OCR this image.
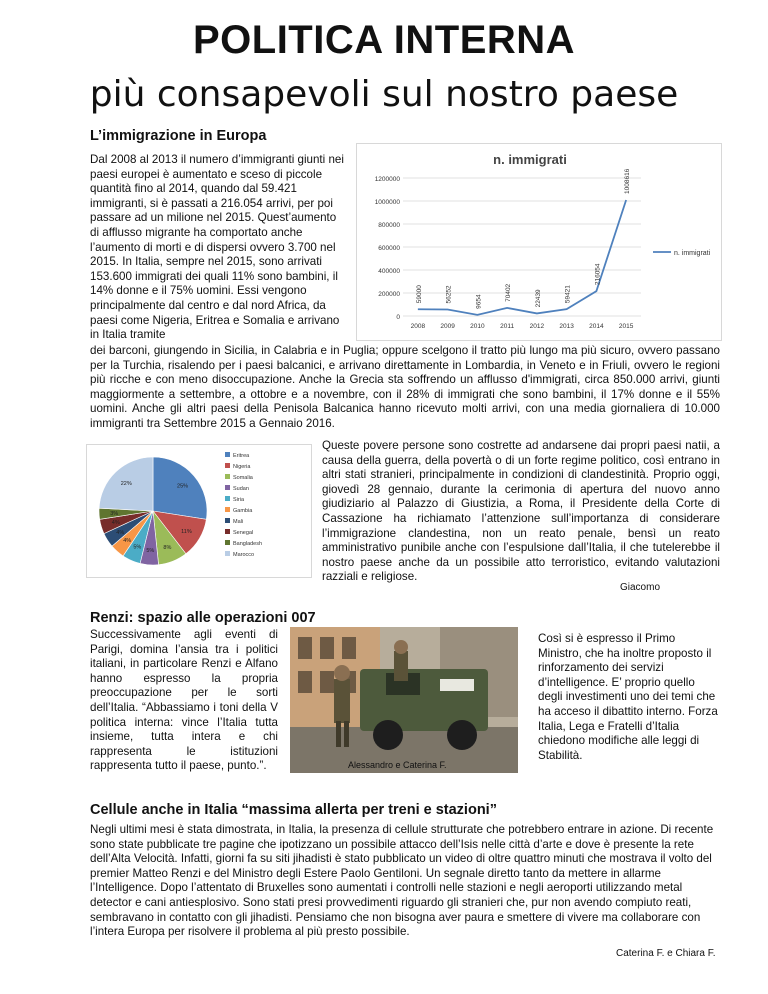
POLITICA INTERNA
più consapevoli sul nostro paese
L’immigrazione in Europa
Dal 2008 al 2013 il numero d’immigranti giunti nei paesi europei è aumentato e sceso di piccole quantità fino al 2014, quando dal 59.421 immigranti, si è passati a 216.054 arrivi, per poi passare ad un milione nel 2015. Quest’aumento di afflusso migrante ha comportato anche l’aumento di morti e di dispersi ovvero 3.700 nel 2015. In Italia, sempre nel 2015, sono arrivati 153.600 immigrati dei quali 11% sono bambini, il 14% donne e il 75% uomini. Essi vengono principalmente dal centro e dal nord Africa, da paesi come Nigeria, Eritrea e Somalia e arrivano in Italia tramite
n. immigrati
0
200000
400000
600000
800000
1000000
1200000
2008 2009 2010 2011 2012 2013 2014 2015
59000	56252	9654	70402	22439	59421
216054
1008616
n. immigrati
dei barconi, giungendo in Sicilia, in Calabria e in Puglia; oppure scelgono il tratto più lungo ma più sicuro, ovvero passano per la Turchia, risalendo per i paesi balcanici, e arrivano direttamente in Lombardia, in Veneto e in Friuli, ovvero le regioni più ricche e con meno disoccupazione. Anche la Grecia sta soffrendo un afflusso d'immigrati, circa 850.000 arrivi, giunti maggiormente a settembre, a ottobre e a novembre, con il 28% di immigrati che sono bambini, il 17% donne e il 55% uomini. Anche gli altri paesi della Penisola Balcanica hanno ricevuto molti arrivi, con una media giornaliera di 10.000 immigranti tra Settembre 2015 a Gennaio 2016.
25%
11%
8%
5%
5%
4%
4%
4%
3%
22%
Eritrea
Nigeria
Somalia
Sudan
Siria
Gambia
Mali
Senegal
Bangladesh
Marocco
Queste povere persone sono costrette ad andarsene dai propri paesi natii, a causa della guerra, della povertà o di un forte regime politico, così entrano in altri stati stranieri, principalmente in condizioni di clandestinità. Proprio oggi, giovedì 28 gennaio, durante la cerimonia di apertura del nuovo anno giudiziario al Palazzo di Giustizia, a Roma, il Presidente della Corte di Cassazione ha richiamato l’attenzione sull’importanza di considerare l’immigrazione clandestina, non un reato penale, bensì un reato amministrativo punibile anche con l’espulsione dall’Italia, il che tutelerebbe il nostro paese anche da un possibile atto terroristico, evitando valutazioni razziali e religiose.
Giacomo
Renzi: spazio alle operazioni 007
Successivamente agli eventi di Parigi, domina l’ansia tra i politici italiani, in particolare Renzi e Alfano hanno espresso la propria preoccupazione per le sorti dell’Italia. “Abbassiamo i toni della V politica interna: vince l’Italia tutta insieme, tutta intera e chi rappresenta le istituzioni rappresenta tutto il paese, punto.”.	Alessandro e Caterina F.
Così si è espresso il Primo Ministro, che ha inoltre proposto il rinforzamento dei servizi d’intelligence. E’ proprio quello degli investimenti uno dei temi che ha acceso il dibattito interno. Forza Italia, Lega e Fratelli d’Italia chiedono modifiche alle leggi di Stabilità.
Cellule anche in Italia “massima allerta per treni e stazioni”
Negli ultimi mesi è stata dimostrata, in Italia, la presenza di cellule strutturate che potrebbero entrare in azione. Di recente sono state pubblicate tre pagine che ipotizzano un possibile attacco dell’Isis nelle città d’arte e dove è presente la rete dell’Alta Velocità. Infatti, giorni fa su siti jihadisti è stato pubblicato un video di oltre quattro minuti che mostrava il volto del premier Matteo Renzi e del Ministro degli Estere Paolo Gentiloni. Un segnale diretto tanto da mettere in allarme l’Intelligence. Dopo l’attentato di Bruxelles sono aumentati i controlli nelle stazioni e negli aeroporti utilizzando metal detector e cani antiesplosivo. Sono stati presi provvedimenti riguardo gli stranieri che, pur non avendo compiuto reati, sembravano in contatto con gli jihadisti. Pensiamo che non bisogna aver paura e smettere di vivere ma collaborare con l’intera Europa per risolvere il problema al più presto possibile.
Caterina F. e Chiara F.
